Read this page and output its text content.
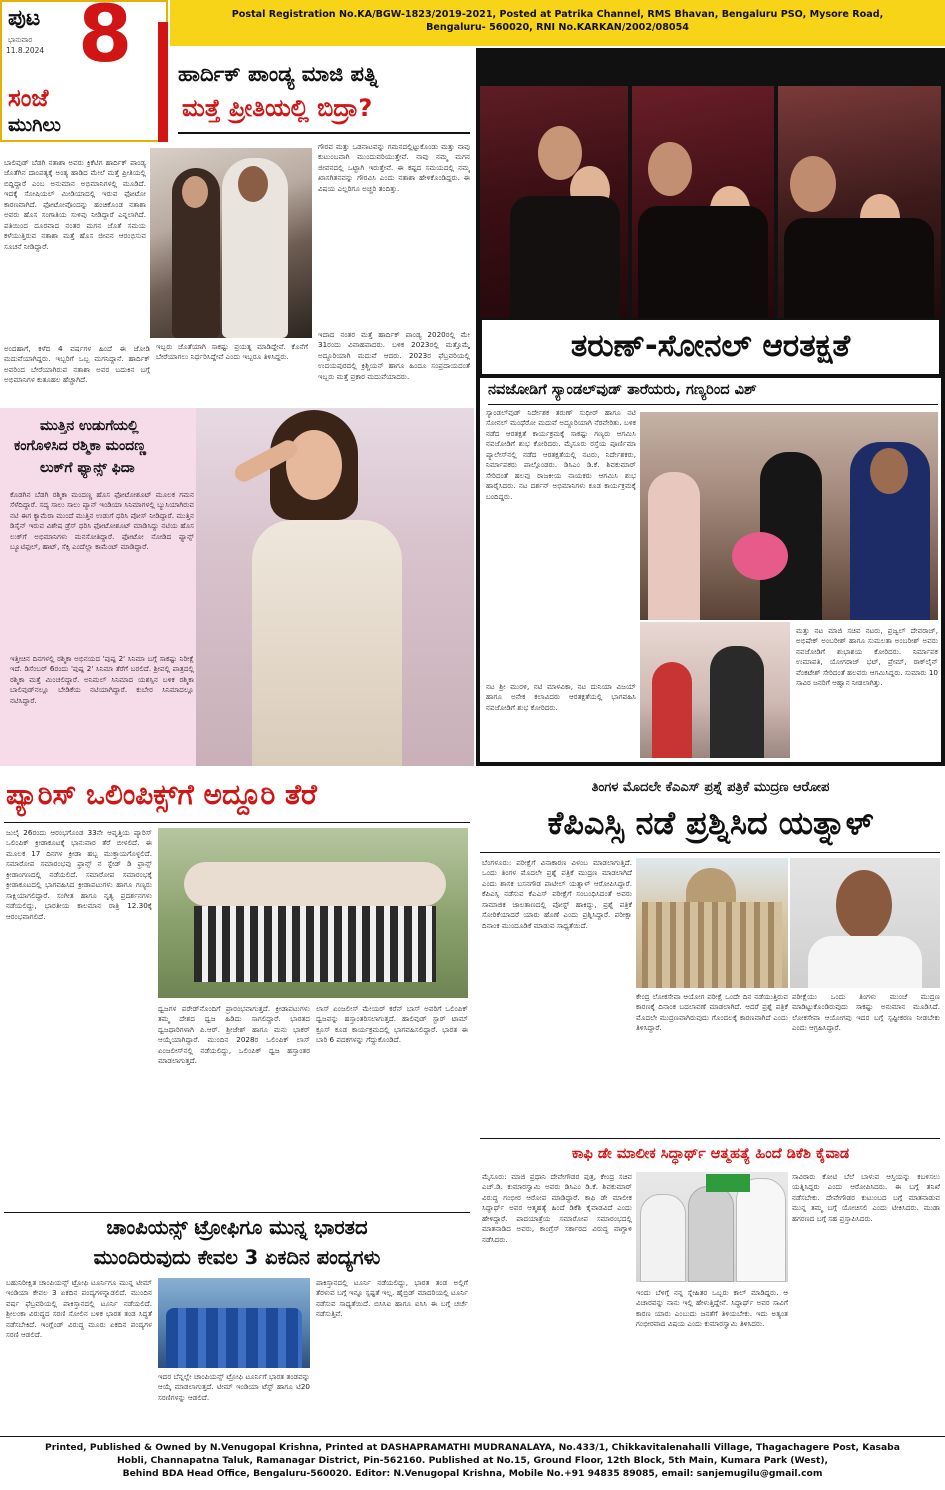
ಪುಟ
ಭಾನುವಾರ
11.8.2024 8
ಸಂಜೆ
ಮುಗಿಲು
Postal Registration No.KA/BGW-1823/2019-2021, Posted at Patrika Channel, RMS Bhavan, Bengaluru PSO, Mysore Road,
Bengaluru- 560020, RNI No.KARKAN/2002/08054
ಹಾರ್ದಿಕ್ ಪಾಂಡ್ಯ ಮಾಜಿ ಪತ್ನಿ
ಮತ್ತೆ ಪ್ರೀತಿಯಲ್ಲಿ ಬಿದ್ರಾ?

ಬಾಲಿವುಡ್ ಬೆಡಗಿ ನತಾಶಾ ಅವರು ಕ್ರಿಕೆಟಿಗ ಹಾರ್ದಿಕ್ ಪಾಂಡ್ಯ ಜೊತೆಗಿನ ದಾಂಪತ್ಯಕ್ಕೆ ಅಂತ್ಯ ಹಾಡಿದ ಮೇಲೆ ಮತ್ತೆ ಪ್ರೀತಿಯಲ್ಲಿ ಬಿದ್ದಿದ್ದಾರೆ ಎಂಬ ಅನುಮಾನ ಅಭಿಮಾನಿಗಳಲ್ಲಿ ಮೂಡಿದೆ. ಇದಕ್ಕೆ ಸೋಷಿಯಲ್ ಮೀಡಿಯಾದಲ್ಲಿ ಇರುವ ಫೋಟೋ ಕಾರಣವಾಗಿದೆ. ಫೋಟೋವೊಂದನ್ನು ಹಂಚಿಕೊಂಡ ನತಾಶಾ ಅವರು ಹೊಸ ಸಂಗಾತಿಯ ಸುಳಿವು ನೀಡಿದ್ದಾರೆ ಎನ್ನಲಾಗಿದೆ. ಪತಿಯಿಂದ ದೂರವಾದ ನಂತರ ಮಗನ ಜೊತೆ ಸಮಯ ಕಳೆಯುತ್ತಿರುವ ನತಾಶಾ ಮತ್ತೆ ಹೊಸ ಜೀವನ ಆರಂಭಿಸುವ ಸೂಚನೆ ನೀಡಿದ್ದಾರೆ.

ಅಂದಹಾಗೆ, ಕಳೆದ 4 ವರ್ಷಗಳ ಹಿಂದೆ ಈ ಜೋಡಿ ಮದುವೆಯಾಗಿದ್ದರು. ಇಬ್ಬರಿಗೆ ಒಬ್ಬ ಮಗನಿದ್ದಾನೆ. ಹಾರ್ದಿಕ್ ಅವರಿಂದ ಬೇರೆಯಾಗಿರುವ ನತಾಶಾ ಅವರ ಬದುಕಿನ ಬಗ್ಗೆ ಅಭಿಮಾನಿಗಳ ಕುತೂಹಲ ಹೆಚ್ಚಾಗಿದೆ.

ಗೌರವ ಮತ್ತು ಒಡನಾಟವನ್ನು ಗಮನದಲ್ಲಿಟ್ಟುಕೊಂಡು ಮತ್ತು ನಾವು ಕುಟುಂಬವಾಗಿ ಮುಂದುವರಿಯುತ್ತೇವೆ. ನಾವು ನಮ್ಮ ಮಗನ ಜೀವನದಲ್ಲಿ ಒಟ್ಟಾಗಿ ಇರುತ್ತೇವೆ. ಈ ಕಷ್ಟದ ಸಮಯದಲ್ಲಿ ನಮ್ಮ ಖಾಸಗಿತನವನ್ನು ಗೌರವಿಸಿ ಎಂದು ನತಾಶಾ ಹೇಳಿಕೊಂಡಿದ್ದರು. ಈ ವಿಷಯ ಎಲ್ಲರಿಗೂ ಅಚ್ಚರಿ ತಂದಿತ್ತು.

ಇಬ್ಬರು ಜೊತೆಯಾಗಿ ಸಾಕಷ್ಟು ಪ್ರಯತ್ನ ಮಾಡಿದ್ದೇವೆ. ಕೊನೆಗೆ ಬೇರೆಯಾಗಲು ನಿರ್ಧರಿಸಿದ್ದೇವೆ ಎಂದು ಇಬ್ಬರೂ ತಿಳಿಸಿದ್ದರು.

ಇದಾದ ನಂತರ ಮತ್ತೆ ಹಾರ್ದಿಕ್ ಪಾಂಡ್ಯ 2020ರಲ್ಲಿ ಮೇ 31ರಂದು ವಿವಾಹವಾದರು. ಬಳಿಕ 2023ರಲ್ಲಿ ಮತ್ತೊಮ್ಮೆ ಅದ್ಧೂರಿಯಾಗಿ ಮದುವೆ ಆದರು. 2023ರ ಫೆಬ್ರವರಿಯಲ್ಲಿ ಉದಯಪುರದಲ್ಲಿ ಕ್ರಿಶ್ಚಿಯನ್ ಹಾಗೂ ಹಿಂದೂ ಸಂಪ್ರದಾಯದಂತೆ ಇಬ್ಬರು ಮತ್ತೆ ಪ್ರಕಾರ ಮದುವೆಯಾದರು.

ತರುಣ್-ಸೋನಲ್ ಆರತಕ್ಷತೆ
ನವಜೋಡಿಗೆ ಸ್ಯಾಂಡಲ್‌ವುಡ್ ತಾರೆಯರು, ಗಣ್ಯರಿಂದ ವಿಶ್

ಸ್ಯಾಂಡಲ್‌ವುಡ್ ನಿರ್ದೇಶಕ ತರುಣ್ ಸುಧೀರ್ ಹಾಗೂ ನಟಿ ಸೋನಲ್ ಮಂಥೆರೋ ಮದುವೆ ಅದ್ದೂರಿಯಾಗಿ ನೆರವೇರಿತು. ಬಳಿಕ ನಡೆದ ಆರತಕ್ಷತೆ ಕಾರ್ಯಕ್ರಮಕ್ಕೆ ಸಾಕಷ್ಟು ಗಣ್ಯರು ಆಗಮಿಸಿ ನವಜೋಡಿಗೆ ಶುಭ ಕೋರಿದರು. ಮೈಸೂರು ರಸ್ತೆಯ ಪೂರ್ಣಿಮಾ ಪ್ಯಾಲೇಸ್‌ನಲ್ಲಿ ನಡೆದ ಆರತಕ್ಷತೆಯಲ್ಲಿ ನಟರು, ನಿರ್ದೇಶಕರು, ನಿರ್ಮಾಪಕರು ಪಾಲ್ಗೊಂಡರು. ಡಿಸಿಎಂ ಡಿ.ಕೆ. ಶಿವಕುಮಾರ್ ಸೇರಿದಂತೆ ಹಲವು ರಾಜಕೀಯ ನಾಯಕರು ಆಗಮಿಸಿ ಶುಭ ಹಾರೈಸಿದರು. ನಟ ದರ್ಶನ್ ಅಭಿಮಾನಿಗಳು ಕೂಡ ಕಾರ್ಯಕ್ರಮಕ್ಕೆ ಬಂದಿದ್ದರು.

ನಟ ಶ್ರೀ ಮುರಳಿ, ನಟಿ ಮಾಳವಿಕಾ, ನಟ ದುನಿಯಾ ವಿಜಯ್ ಹಾಗೂ ಅನೇಕ ಕಲಾವಿದರು ಆರತಕ್ಷತೆಯಲ್ಲಿ ಭಾಗವಹಿಸಿ ನವಜೋಡಿಗೆ ಶುಭ ಕೋರಿದರು.

ಮತ್ತು ನಟ ಮಾಜಿ ಸಚಿವ ನಟರು, ಪ್ರಜ್ವಲ್ ದೇವರಾಜ್, ಅಭಿಷೇಕ್ ಅಂಬರೀಶ್ ಹಾಗೂ ಸುಮಲತಾ ಅಂಬರೀಶ್ ಅವರು ನವಜೋಡಿಗೆ ಶುಭಾಶಯ ಕೋರಿದರು. ನಿರ್ಮಾಪಕ ಉಮಾಪತಿ, ಯೋಗರಾಜ್ ಭಟ್, ಪ್ರೇಮ್, ರಾಕ್‌ಲೈನ್ ವೆಂಕಟೇಶ್ ಸೇರಿದಂತೆ ಹಲವರು ಆಗಮಿಸಿದ್ದರು. ಸುಮಾರು 10 ಸಾವಿರ ಜನರಿಗೆ ಆಹ್ವಾನ ನೀಡಲಾಗಿತ್ತು.

ಮುತ್ತಿನ ಉಡುಗೆಯಲ್ಲಿ
ಕಂಗೊಳಿಸಿದ ರಶ್ಮಿಕಾ ಮಂದಣ್ಣ
ಲುಕ್‌ಗೆ ಫ್ಯಾನ್ಸ್ ಫಿದಾ

ಕೊಡಗಿನ ಬೆಡಗಿ ರಶ್ಮಿಕಾ ಮಂದಣ್ಣ ಹೊಸ ಫೋಟೋಶೂಟ್ ಮೂಲಕ ಗಮನ ಸೆಳೆದಿದ್ದಾರೆ. ಸದ್ಯ ಸಾಲು ಸಾಲು ಪ್ಯಾನ್ ಇಂಡಿಯಾ ಸಿನಿಮಾಗಳಲ್ಲಿ ಬ್ಯುಸಿಯಾಗಿರುವ ನಟಿ ಈಗ ಕ್ಯಾಮೆರಾ ಮುಂದೆ ಮುತ್ತಿನ ಉಡುಗೆ ಧರಿಸಿ ಪೋಸ್ ನೀಡಿದ್ದಾರೆ. ಮುತ್ತಿನ ಡಿಸೈನ್ ಇರುವ ವಿಶೇಷ ಡ್ರೆಸ್ ಧರಿಸಿ ಫೋಟೋಶೂಟ್ ಮಾಡಿಸಿದ್ದು ನಟಿಯ ಹೊಸ ಲುಕ್‌ಗೆ ಅಭಿಮಾನಿಗಳು ಮನಸೋತಿದ್ದಾರೆ. ಫೋಟೋ ನೋಡಿದ ಫ್ಯಾನ್ಸ್ ಬ್ಯೂಟಿಫುಲ್, ಹಾಟ್, ಸೆಕ್ಸಿ ಎಂದೆಲ್ಲಾ ಕಾಮೆಂಟ್ ಮಾಡಿದ್ದಾರೆ.

ಇತ್ತೀಚಿನ ದಿನಗಳಲ್ಲಿ ರಶ್ಮಿಕಾ ಅಭಿನಯದ 'ಪುಷ್ಪ 2' ಸಿನಿಮಾ ಬಗ್ಗೆ ಸಾಕಷ್ಟು ನಿರೀಕ್ಷೆ ಇದೆ. ಡಿಸೆಂಬರ್ 6ರಂದು 'ಪುಷ್ಪ 2' ಸಿನಿಮಾ ತೆರೆಗೆ ಬರಲಿದೆ. ಶ್ರೀವಲ್ಲಿ ಪಾತ್ರದಲ್ಲಿ ರಶ್ಮಿಕಾ ಮತ್ತೆ ಮಿಂಚಲಿದ್ದಾರೆ. ಅನಿಮಲ್ ಸಿನಿಮಾದ ಯಶಸ್ಸಿನ ಬಳಿಕ ರಶ್ಮಿಕಾ ಬಾಲಿವುಡ್‌ನಲ್ಲೂ ಬೇಡಿಕೆಯ ನಟಿಯಾಗಿದ್ದಾರೆ. ಕುಬೇರ ಸಿನಿಮಾದಲ್ಲೂ ನಟಿಸಿದ್ದಾರೆ.

ಪ್ಯಾರಿಸ್ ಒಲಿಂಪಿಕ್ಸ್‌ಗೆ ಅದ್ದೂರಿ ತೆರೆ

ಜುಲೈ 26ರಂದು ಆರಂಭಗೊಂಡ 33ನೇ ಆವೃತ್ತಿಯ ಪ್ಯಾರಿಸ್ ಒಲಿಂಪಿಕ್ ಕ್ರೀಡಾಕೂಟಕ್ಕೆ ಭಾನುವಾರ ತೆರೆ ಬೀಳಲಿದೆ. ಈ ಮೂಲಕ 17 ದಿನಗಳ ಕ್ರೀಡಾ ಹಬ್ಬ ಮುಕ್ತಾಯಗೊಳ್ಳಲಿದೆ. ಸಮಾರೋಪ ಸಮಾರಂಭವು ಫ್ರಾನ್ಸ್ ನ ಸ್ಟೇಡ್ ಡಿ ಫ್ರಾನ್ಸ್ ಕ್ರೀಡಾಂಗಣದಲ್ಲಿ ನಡೆಯಲಿದೆ. ಸಮಾರೋಪ ಸಮಾರಂಭಕ್ಕೆ ಕ್ರೀಡಾಕೂಟದಲ್ಲಿ ಭಾಗವಹಿಸಿದ ಕ್ರೀಡಾಪಟುಗಳು ಹಾಗೂ ಗಣ್ಯರು ಸಾಕ್ಷಿಯಾಗಲಿದ್ದಾರೆ. ಸಂಗೀತ ಹಾಗೂ ನೃತ್ಯ ಪ್ರದರ್ಶನಗಳು ನಡೆಯಲಿದ್ದು, ಭಾರತೀಯ ಕಾಲಮಾನ ರಾತ್ರಿ 12.30ಕ್ಕೆ ಆರಂಭವಾಗಲಿದೆ.

ಧ್ವಜಗಳ ಪರೇಡ್‌ನೊಂದಿಗೆ ಪ್ರಾರಂಭವಾಗುತ್ತದೆ. ಕ್ರೀಡಾಪಟುಗಳು ತಮ್ಮ ದೇಶದ ಧ್ವಜ ಹಿಡಿದು ಸಾಗಲಿದ್ದಾರೆ. ಭಾರತದ ಧ್ವಜಧಾರಿಗಳಾಗಿ ಪಿ.ಆರ್. ಶ್ರೀಜೇಶ್ ಹಾಗೂ ಮನು ಭಾಕರ್ ಆಯ್ಕೆಯಾಗಿದ್ದಾರೆ. ಮುಂದಿನ 2028ರ ಒಲಿಂಪಿಕ್ ಲಾಸ್ ಏಂಜಲೀಸ್‌ನಲ್ಲಿ ನಡೆಯಲಿದ್ದು, ಒಲಿಂಪಿಕ್ ಧ್ವಜ ಹಸ್ತಾಂತರ ಮಾಡಲಾಗುತ್ತದೆ.

ಲಾಸ್ ಏಂಜಲೀಸ್ ಮೇಯರ್ ಕರೆನ್ ಬಾಸ್ ಅವರಿಗೆ ಒಲಿಂಪಿಕ್ ಧ್ವಜವನ್ನು ಹಸ್ತಾಂತರಿಸಲಾಗುತ್ತದೆ. ಹಾಲಿವುಡ್ ಸ್ಟಾರ್ ಟಾಮ್ ಕ್ರೂಸ್ ಕೂಡ ಕಾರ್ಯಕ್ರಮದಲ್ಲಿ ಭಾಗವಹಿಸಲಿದ್ದಾರೆ. ಭಾರತ ಈ ಬಾರಿ 6 ಪದಕಗಳನ್ನು ಗೆದ್ದುಕೊಂಡಿದೆ.

ತಿಂಗಳ ಮೊದಲೇ ಕೆಎಎಸ್ ಪ್ರಶ್ನೆ ಪತ್ರಿಕೆ ಮುದ್ರಣ ಆರೋಪ
ಕೆಪಿಎಸ್ಸಿ ನಡೆ ಪ್ರಶ್ನಿಸಿದ ಯತ್ನಾಳ್

ಬೆಂಗಳೂರು: ಪರೀಕ್ಷೆಗೆ ವಿನಾಕಾರಣ ವಿಳಂಬ ಮಾಡಲಾಗುತ್ತಿದೆ. ಒಂದು ತಿಂಗಳ ಮೊದಲೇ ಪ್ರಶ್ನೆ ಪತ್ರಿಕೆ ಮುದ್ರಣ ಮಾಡಲಾಗಿದೆ ಎಂದು ಶಾಸಕ ಬಸನಗೌಡ ಪಾಟೀಲ್ ಯತ್ನಾಳ್ ಆರೋಪಿಸಿದ್ದಾರೆ. ಕೆಪಿಎಸ್ಸಿ ನಡೆಸುವ ಕೆಎಎಸ್ ಪರೀಕ್ಷೆಗೆ ಸಂಬಂಧಿಸಿದಂತೆ ಅವರು ಸಾಮಾಜಿಕ ಜಾಲತಾಣದಲ್ಲಿ ಪೋಸ್ಟ್ ಹಾಕಿದ್ದು, ಪ್ರಶ್ನೆ ಪತ್ರಿಕೆ ಸೋರಿಕೆಯಾದರೆ ಯಾರು ಹೊಣೆ ಎಂದು ಪ್ರಶ್ನಿಸಿದ್ದಾರೆ. ಪರೀಕ್ಷಾ ದಿನಾಂಕ ಮುಂದೂಡಿಕೆ ಮಾಡುವ ಸಾಧ್ಯತೆಯಿದೆ.

ಕೇಂದ್ರ ಲೋಕಸೇವಾ ಆಯೋಗ ಪರೀಕ್ಷೆ ಒಂದೇ ದಿನ ನಡೆಯುತ್ತಿರುವ ಕಾರಣಕ್ಕೆ ದಿನಾಂಕ ಬದಲಾವಣೆ ಮಾಡಲಾಗಿದೆ. ಆದರೆ ಪ್ರಶ್ನೆ ಪತ್ರಿಕೆ ಮೊದಲೇ ಮುದ್ರಣವಾಗಿರುವುದು ಗೊಂದಲಕ್ಕೆ ಕಾರಣವಾಗಿದೆ ಎಂದು ತಿಳಿಸಿದ್ದಾರೆ.

ಪರೀಕ್ಷೆಯು ಒಂದು ತಿಂಗಳು ಮುಂಚೆ ಮುದ್ರಣ ಮಾಡಿಟ್ಟುಕೊಂಡಿರುವುದು ಸಾಕಷ್ಟು ಅನುಮಾನ ಮೂಡಿಸಿದೆ. ಲೋಕಸೇವಾ ಆಯೋಗವು ಇದರ ಬಗ್ಗೆ ಸ್ಪಷ್ಟೀಕರಣ ನೀಡಬೇಕು ಎಂದು ಆಗ್ರಹಿಸಿದ್ದಾರೆ.

ಚಾಂಪಿಯನ್ಸ್ ಟ್ರೋಫಿಗೂ ಮುನ್ನ ಭಾರತದ
ಮುಂದಿರುವುದು ಕೇವಲ 3 ಏಕದಿನ ಪಂದ್ಯಗಳು

ಬಹುನಿರೀಕ್ಷಿತ ಚಾಂಪಿಯನ್ಸ್ ಟ್ರೋಫಿ ಟೂರ್ನಿಗೂ ಮುನ್ನ ಟೀಮ್ ಇಂಡಿಯಾ ಕೇವಲ 3 ಏಕದಿನ ಪಂದ್ಯಗಳನ್ನಾಡಲಿದೆ. ಮುಂದಿನ ವರ್ಷ ಫೆಬ್ರವರಿಯಲ್ಲಿ ಪಾಕಿಸ್ತಾನದಲ್ಲಿ ಟೂರ್ನಿ ನಡೆಯಲಿದೆ. ಶ್ರೀಲಂಕಾ ವಿರುದ್ಧದ ಸರಣಿ ಸೋಲಿನ ಬಳಿಕ ಭಾರತ ತಂಡ ಸಿದ್ಧತೆ ನಡೆಸಬೇಕಿದೆ. ಇಂಗ್ಲೆಂಡ್ ವಿರುದ್ಧ ಮೂರು ಏಕದಿನ ಪಂದ್ಯಗಳ ಸರಣಿ ಆಡಲಿದೆ.

ಇದರ ಬೆನ್ನಲ್ಲೇ ಚಾಂಪಿಯನ್ಸ್ ಟ್ರೋಫಿ ಟೂರ್ನಿಗೆ ಭಾರತ ತಂಡವನ್ನು ಆಯ್ಕೆ ಮಾಡಲಾಗುತ್ತದೆ. ಟೀಮ್ ಇಂಡಿಯಾ ಟೆಸ್ಟ್ ಹಾಗೂ ಟಿ20 ಸರಣಿಗಳನ್ನು ಆಡಲಿದೆ.

ಪಾಕಿಸ್ತಾನದಲ್ಲಿ ಟೂರ್ನಿ ನಡೆಯಲಿದ್ದು, ಭಾರತ ತಂಡ ಅಲ್ಲಿಗೆ ತೆರಳುವ ಬಗ್ಗೆ ಇನ್ನೂ ಸ್ಪಷ್ಟತೆ ಇಲ್ಲ. ಹೈಬ್ರಿಡ್ ಮಾದರಿಯಲ್ಲಿ ಟೂರ್ನಿ ನಡೆಸುವ ಸಾಧ್ಯತೆಯಿದೆ. ಬಿಸಿಸಿಐ ಹಾಗೂ ಐಸಿಸಿ ಈ ಬಗ್ಗೆ ಚರ್ಚೆ ನಡೆಸುತ್ತಿವೆ.

ಕಾಫಿ ಡೇ ಮಾಲೀಕ ಸಿದ್ಧಾರ್ಥ್ ಆತ್ಮಹತ್ಯೆ ಹಿಂದೆ ಡಿಕೆಶಿ ಕೈವಾಡ

ಮೈಸೂರು: ಮಾಜಿ ಪ್ರಧಾನಿ ದೇವೇಗೌಡರ ಪುತ್ರ, ಕೇಂದ್ರ ಸಚಿವ ಎಚ್.ಡಿ. ಕುಮಾರಸ್ವಾಮಿ ಅವರು ಡಿಸಿಎಂ ಡಿ.ಕೆ. ಶಿವಕುಮಾರ್ ವಿರುದ್ಧ ಗಂಭೀರ ಆರೋಪ ಮಾಡಿದ್ದಾರೆ. ಕಾಫಿ ಡೇ ಮಾಲೀಕ ಸಿದ್ಧಾರ್ಥ್ ಅವರ ಆತ್ಮಹತ್ಯೆ ಹಿಂದೆ ಡಿಕೆಶಿ ಕೈವಾಡವಿದೆ ಎಂದು ಹೇಳಿದ್ದಾರೆ. ಪಾದಯಾತ್ರೆಯ ಸಮಾರೋಪ ಸಮಾರಂಭದಲ್ಲಿ ಮಾತನಾಡಿದ ಅವರು, ಕಾಂಗ್ರೆಸ್ ಸರ್ಕಾರದ ವಿರುದ್ಧ ವಾಗ್ದಾಳಿ ನಡೆಸಿದರು.

ಇಂದು ಬೆಳಿಗ್ಗೆ ನನ್ನ ಸ್ನೇಹಿತರ ಒಬ್ಬರು ಕಾಲ್ ಮಾಡಿದ್ದರು. ಆ ವಿಚಾರವನ್ನು ನಾನು ಇಲ್ಲಿ ಹೇಳುತ್ತಿದ್ದೇನೆ. ಸಿದ್ಧಾರ್ಥ್ ಅವರ ಸಾವಿಗೆ ಕಾರಣ ಯಾರು ಎಂಬುದು ಜನತೆಗೆ ತಿಳಿಯಬೇಕು. ಇದು ಅತ್ಯಂತ ಗಂಭೀರವಾದ ವಿಷಯ ಎಂದು ಕುಮಾರಸ್ವಾಮಿ ತಿಳಿಸಿದರು.

ಸಾವಿರಾರು ಕೋಟಿ ಬೆಲೆ ಬಾಳುವ ಆಸ್ತಿಯನ್ನು ಕಬಳಿಸಲು ಯತ್ನಿಸಿದ್ದರು ಎಂದು ಆರೋಪಿಸಿದರು. ಈ ಬಗ್ಗೆ ತನಿಖೆ ನಡೆಸಬೇಕು. ದೇವೇಗೌಡರ ಕುಟುಂಬದ ಬಗ್ಗೆ ಮಾತನಾಡುವ ಮುನ್ನ ತಮ್ಮ ಬಗ್ಗೆ ಯೋಚಿಸಲಿ ಎಂದು ಟೀಕಿಸಿದರು. ಮುಡಾ ಹಗರಣದ ಬಗ್ಗೆ ಸಹ ಪ್ರಸ್ತಾಪಿಸಿದರು.

Printed, Published & Owned by N.Venugopal Krishna, Printed at DASHAPRAMATHI MUDRANALAYA, No.433/1, Chikkavitalenahalli Village, Thagachagere Post, Kasaba
Hobli, Channapatna Taluk, Ramanagar District, Pin-562160. Published at No.15, Ground Floor, 12th Block, 5th Main, Kumara Park (West),
Behind BDA Head Office, Bengaluru-560020. Editor: N.Venugopal Krishna, Mobile No.+91 94835 89085, email: sanjemugilu@gmail.com
